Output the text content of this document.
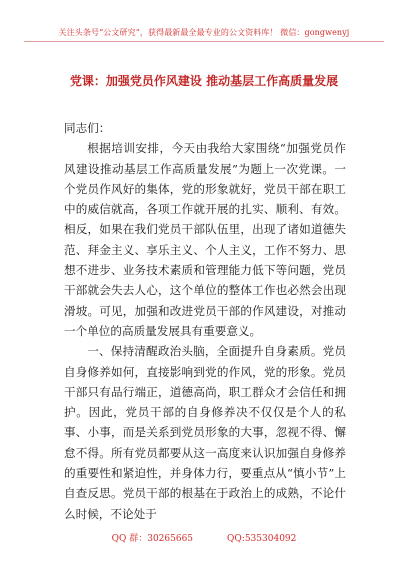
关注头条号“公文研究”，获得最新最全最专业的公文资料库！ 微信：gongwenyj
党课：加强党员作风建设 推动基层工作高质量发展

同志们：

根据培训安排，今天由我给大家围绕“加强党员作风建设推动基层工作高质量发展”为题上一次党课。一个党员作风好的集体，党的形象就好，党员干部在职工中的威信就高，各项工作就开展的扎实、顺利、有效。相反，如果在我们党员干部队伍里，出现了诸如道德失范、拜金主义、享乐主义、个人主义，工作不努力、思想不进步、业务技术素质和管理能力低下等问题，党员干部就会失去人心，这个单位的整体工作也必然会出现滑坡。可见，加强和改进党员干部的作风建设，对推动一个单位的高质量发展具有重要意义。

一、保持清醒政治头脑，全面提升自身素质。党员自身修养如何，直接影响到党的作风，党的形象。党员干部只有品行端正，道德高尚，职工群众才会信任和拥护。因此，党员干部的自身修养决不仅仅是个人的私事、小事，而是关系到党员形象的大事，忽视不得、懈怠不得。所有党员都要从这一高度来认识加强自身修养的重要性和紧迫性，并身体力行，要重点从“慎小节”上自查反思。党员干部的根基在于政治上的成熟，不论什么时候，不论处于

QQ 群：30265665	QQ:535304092
